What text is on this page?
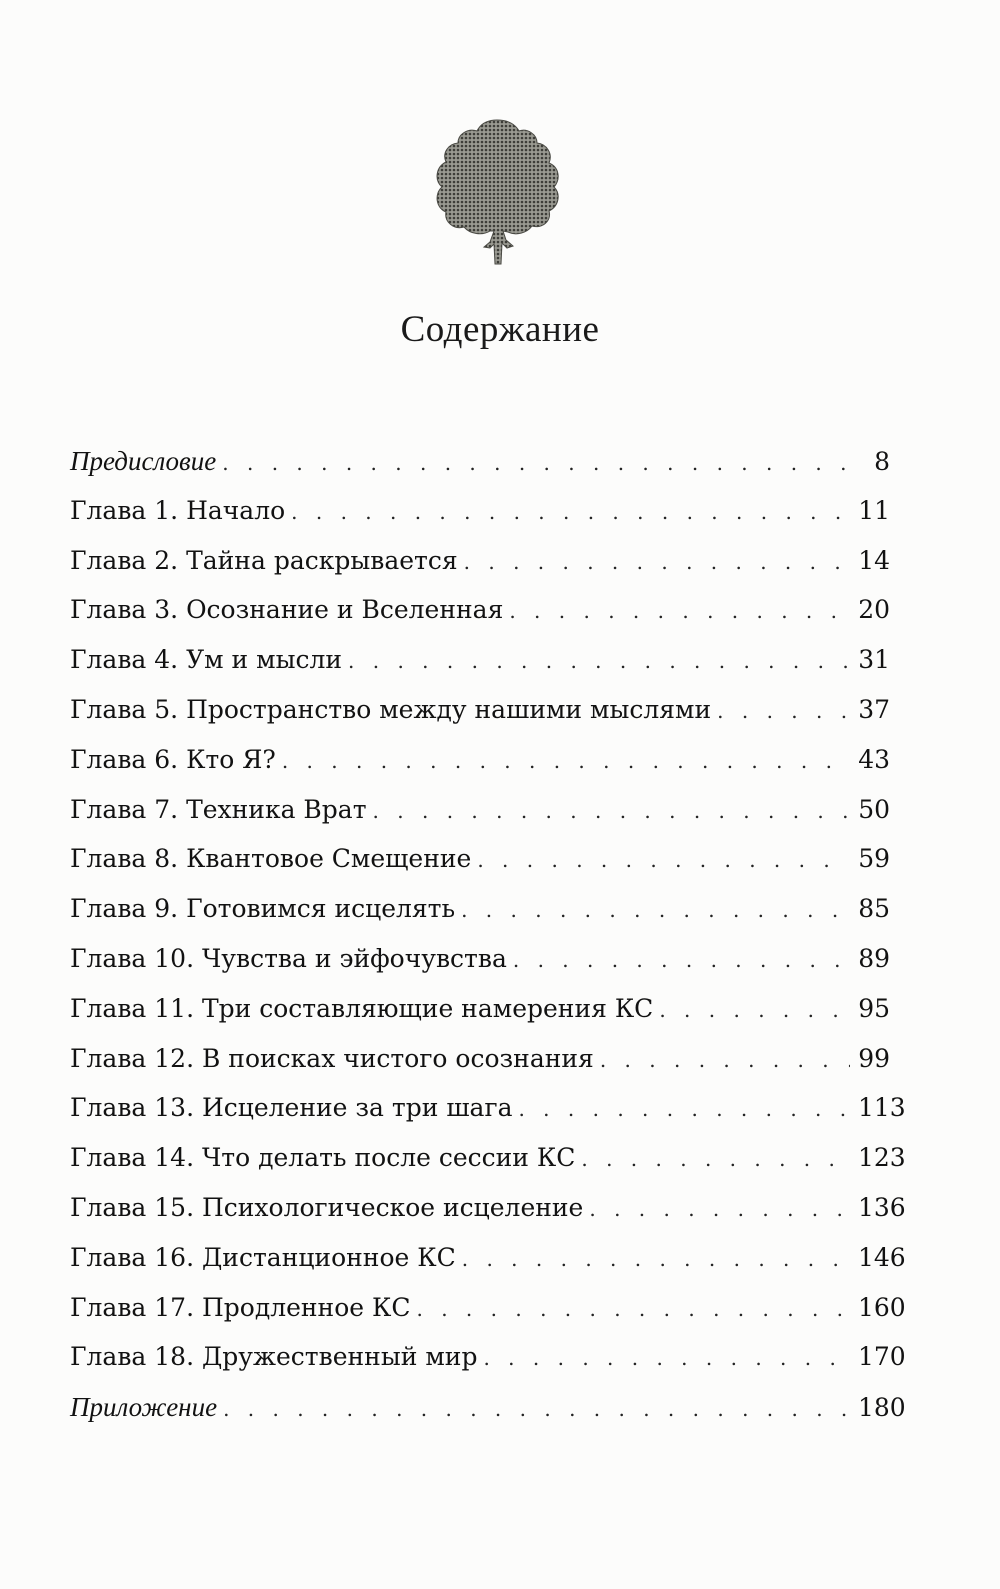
Содержание
Предисловие . . .	8
Глава 1. Начало . . .	11
Глава 2. Тайна раскрывается . . .	14
Глава 3. Осознание и Вселенная . . .	20
Глава 4. Ум и мысли . . .	31
Глава 5. Пространство между нашими мыслями . . .	37
Глава 6. Кто Я? . . .	43
Глава 7. Техника Врат . . .	50
Глава 8. Квантовое Смещение . . .	59
Глава 9. Готовимся исцелять . . .	85
Глава 10. Чувства и эйфочувства . . .	89
Глава 11. Три составляющие намерения КС . . .	95
Глава 12. В поисках чистого осознания . . .	99
Глава 13. Исцеление за три шага . . .	113
Глава 14. Что делать после сессии КС . . .	123
Глава 15. Психологическое исцеление . . .	136
Глава 16. Дистанционное КС . . .	146
Глава 17. Продленное КС . . .	160
Глава 18. Дружественный мир . . .	170
Приложение . . .	180
